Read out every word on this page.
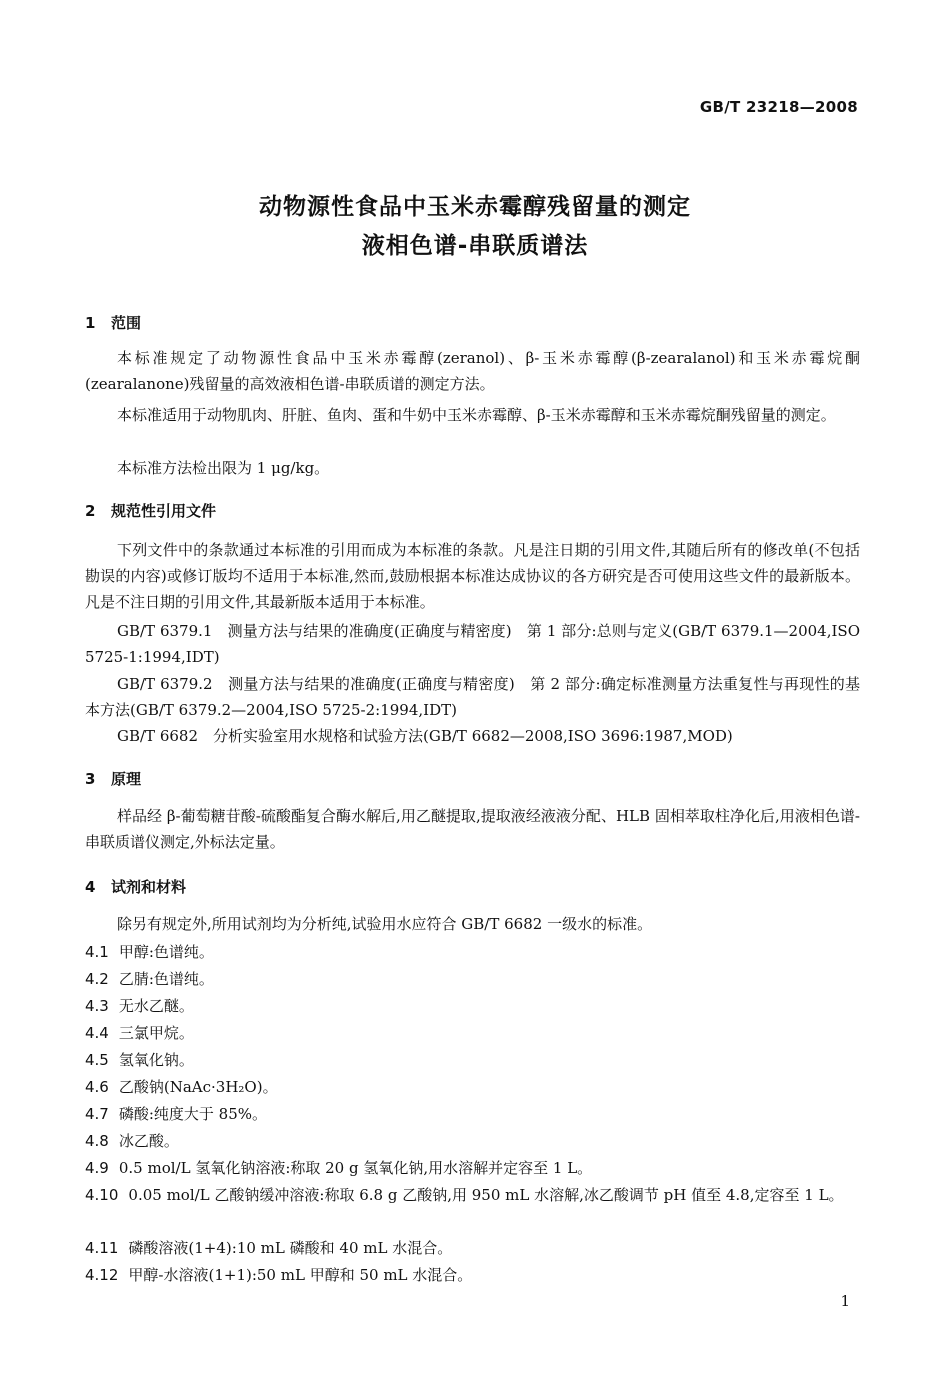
GB/T 23218—2008
动物源性食品中玉米赤霉醇残留量的测定
液相色谱-串联质谱法
1 范围
本标准规定了动物源性食品中玉米赤霉醇(zeranol)、β-玉米赤霉醇(β-zearalanol)和玉米赤霉烷酮(zearalanone)残留量的高效液相色谱-串联质谱的测定方法。
本标准适用于动物肌肉、肝脏、鱼肉、蛋和牛奶中玉米赤霉醇、β-玉米赤霉醇和玉米赤霉烷酮残留量的测定。
本标准方法检出限为 1 μg/kg。
2 规范性引用文件
下列文件中的条款通过本标准的引用而成为本标准的条款。凡是注日期的引用文件,其随后所有的修改单(不包括勘误的内容)或修订版均不适用于本标准,然而,鼓励根据本标准达成协议的各方研究是否可使用这些文件的最新版本。凡是不注日期的引用文件,其最新版本适用于本标准。
GB/T 6379.1　测量方法与结果的准确度(正确度与精密度)　第 1 部分:总则与定义(GB/T 6379.1—2004,ISO 5725-1:1994,IDT)
GB/T 6379.2　测量方法与结果的准确度(正确度与精密度)　第 2 部分:确定标准测量方法重复性与再现性的基本方法(GB/T 6379.2—2004,ISO 5725-2:1994,IDT)
GB/T 6682　分析实验室用水规格和试验方法(GB/T 6682—2008,ISO 3696:1987,MOD)
3 原理
样品经 β-葡萄糖苷酸-硫酸酯复合酶水解后,用乙醚提取,提取液经液液分配、HLB 固相萃取柱净化后,用液相色谱-串联质谱仪测定,外标法定量。
4 试剂和材料
除另有规定外,所用试剂均为分析纯,试验用水应符合 GB/T 6682 一级水的标准。
4.1 甲醇:色谱纯。
4.2 乙腈:色谱纯。
4.3 无水乙醚。
4.4 三氯甲烷。
4.5 氢氧化钠。
4.6 乙酸钠(NaAc·3H₂O)。
4.7 磷酸:纯度大于 85%。
4.8 冰乙酸。
4.9 0.5 mol/L 氢氧化钠溶液:称取 20 g 氢氧化钠,用水溶解并定容至 1 L。
4.10 0.05 mol/L 乙酸钠缓冲溶液:称取 6.8 g 乙酸钠,用 950 mL 水溶解,冰乙酸调节 pH 值至 4.8,定容至 1 L。
4.11 磷酸溶液(1+4):10 mL 磷酸和 40 mL 水混合。
4.12 甲醇-水溶液(1+1):50 mL 甲醇和 50 mL 水混合。
1
